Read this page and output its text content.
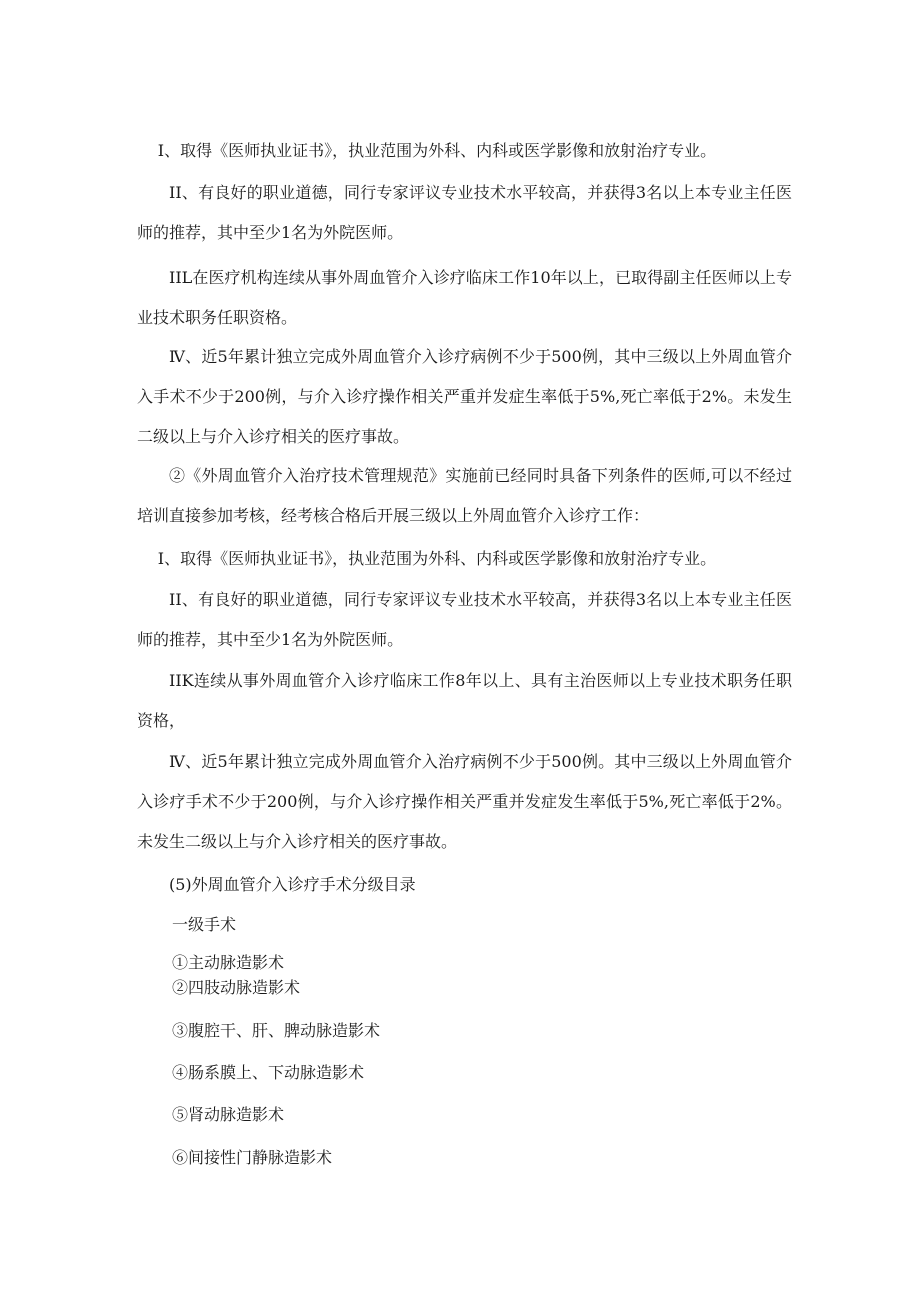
Ⅰ、取得《医师执业证书》，执业范围为外科、内科或医学影像和放射治疗专业。

II、有良好的职业道德，同行专家评议专业技术水平较高，并获得3名以上本专业主任医师的推荐，其中至少1名为外院医师。

IIL在医疗机构连续从事外周血管介入诊疗临床工作10年以上，已取得副主任医师以上专业技术职务任职资格。

Ⅳ、近5年累计独立完成外周血管介入诊疗病例不少于500例，其中三级以上外周血管介入手术不少于200例，与介入诊疗操作相关严重并发症生率低于5%,死亡率低于2%。未发生二级以上与介入诊疗相关的医疗事故。

②《外周血管介入治疗技术管理规范》实施前已经同时具备下列条件的医师,可以不经过培训直接参加考核，经考核合格后开展三级以上外周血管介入诊疗工作：

Ⅰ、取得《医师执业证书》，执业范围为外科、内科或医学影像和放射治疗专业。

II、有良好的职业道德，同行专家评议专业技术水平较高，并获得3名以上本专业主任医师的推荐，其中至少1名为外院医师。

IIK连续从事外周血管介入诊疗临床工作8年以上、具有主治医师以上专业技术职务任职资格，

Ⅳ、近5年累计独立完成外周血管介入治疗病例不少于500例。其中三级以上外周血管介入诊疗手术不少于200例，与介入诊疗操作相关严重并发症发生率低于5%,死亡率低于2%。未发生二级以上与介入诊疗相关的医疗事故。

(5)外周血管介入诊疗手术分级目录

一级手术

①主动脉造影术

②四肢动脉造影术

③腹腔干、肝、脾动脉造影术

④肠系膜上、下动脉造影术

⑤肾动脉造影术

⑥间接性门静脉造影术
